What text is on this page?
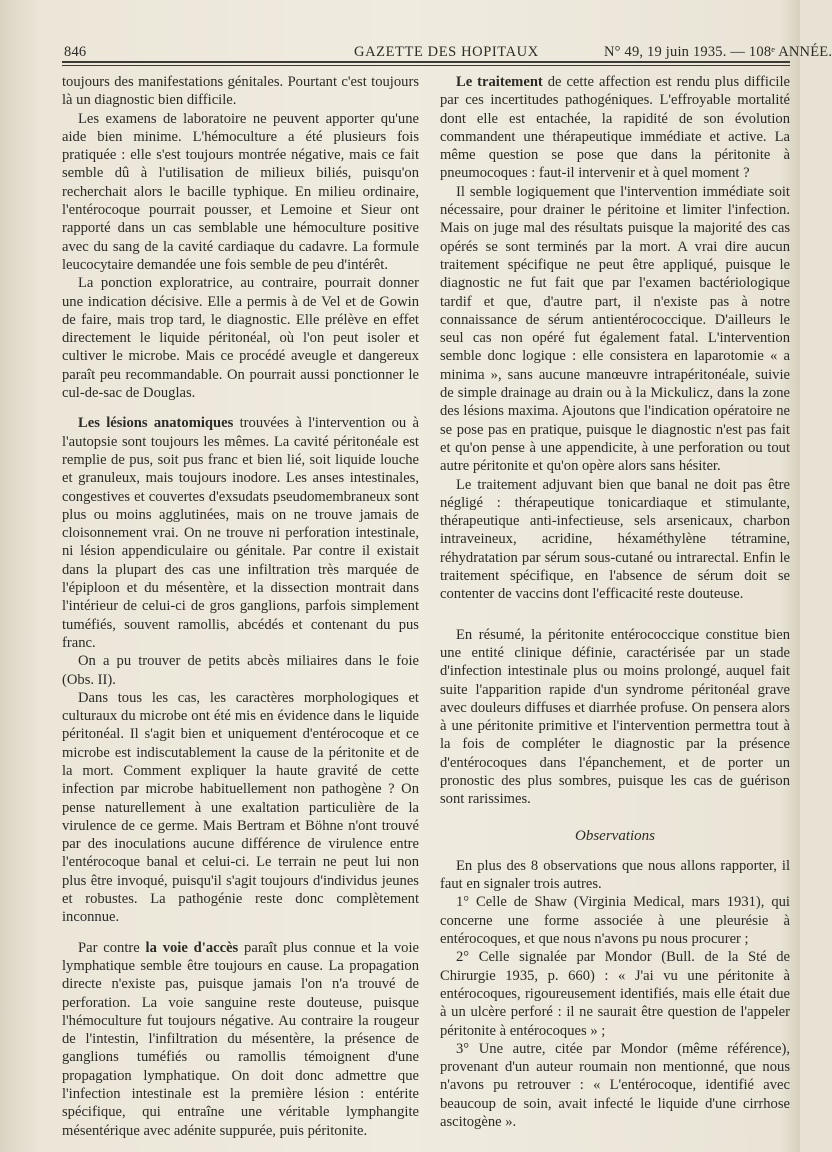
846	GAZETTE DES HOPITAUX	N° 49, 19 juin 1935. — 108ᵉ ANNÉE.

toujours des manifestations génitales. Pourtant c'est toujours là un diagnostic bien difficile.

Les examens de laboratoire ne peuvent apporter qu'une aide bien minime. L'hémoculture a été plusieurs fois pratiquée : elle s'est toujours montrée négative, mais ce fait semble dû à l'utilisation de milieux biliés, puisqu'on recherchait alors le bacille typhique. En milieu ordinaire, l'entérocoque pourrait pousser, et Lemoine et Sieur ont rapporté dans un cas semblable une hémoculture positive avec du sang de la cavité cardiaque du cadavre. La formule leucocytaire demandée une fois semble de peu d'intérêt.

La ponction exploratrice, au contraire, pourrait donner une indication décisive. Elle a permis à de Vel et de Gowin de faire, mais trop tard, le diagnostic. Elle prélève en effet directement le liquide péritonéal, où l'on peut isoler et cultiver le microbe. Mais ce procédé aveugle et dangereux paraît peu recommandable. On pourrait aussi ponctionner le cul-de-sac de Douglas.

Les lésions anatomiques trouvées à l'intervention ou à l'autopsie sont toujours les mêmes. La cavité péritonéale est remplie de pus, soit pus franc et bien lié, soit liquide louche et granuleux, mais toujours inodore. Les anses intestinales, congestives et couvertes d'exsudats pseudomembraneux sont plus ou moins agglutinées, mais on ne trouve jamais de cloisonnement vrai. On ne trouve ni perforation intestinale, ni lésion appendiculaire ou génitale. Par contre il existait dans la plupart des cas une infiltration très marquée de l'épiploon et du mésentère, et la dissection montrait dans l'intérieur de celui-ci de gros ganglions, parfois simplement tuméfiés, souvent ramollis, abcédés et contenant du pus franc.

On a pu trouver de petits abcès miliaires dans le foie (Obs. II).

Dans tous les cas, les caractères morphologiques et culturaux du microbe ont été mis en évidence dans le liquide péritonéal. Il s'agit bien et uniquement d'entérocoque et ce microbe est indiscutablement la cause de la péritonite et de la mort. Comment expliquer la haute gravité de cette infection par microbe habituellement non pathogène ? On pense naturellement à une exaltation particulière de la virulence de ce germe. Mais Bertram et Böhne n'ont trouvé par des inoculations aucune différence de virulence entre l'entérocoque banal et celui-ci. Le terrain ne peut lui non plus être invoqué, puisqu'il s'agit toujours d'individus jeunes et robustes. La pathogénie reste donc complètement inconnue.

Par contre la voie d'accès paraît plus connue et la voie lymphatique semble être toujours en cause. La propagation directe n'existe pas, puisque jamais l'on n'a trouvé de perforation. La voie sanguine reste douteuse, puisque l'hémoculture fut toujours négative. Au contraire la rougeur de l'intestin, l'infiltration du mésentère, la présence de ganglions tuméfiés ou ramollis témoignent d'une propagation lymphatique. On doit donc admettre que l'infection intestinale est la première lésion : entérite spécifique, qui entraîne une véritable lymphangite mésentérique avec adénite suppurée, puis péritonite.

Le traitement de cette affection est rendu plus difficile par ces incertitudes pathogéniques. L'effroyable mortalité dont elle est entachée, la rapidité de son évolution commandent une thérapeutique immédiate et active. La même question se pose que dans la péritonite à pneumocoques : faut-il intervenir et à quel moment ?

Il semble logiquement que l'intervention immédiate soit nécessaire, pour drainer le péritoine et limiter l'infection. Mais on juge mal des résultats puisque la majorité des cas opérés se sont terminés par la mort. A vrai dire aucun traitement spécifique ne peut être appliqué, puisque le diagnostic ne fut fait que par l'examen bactériologique tardif et que, d'autre part, il n'existe pas à notre connaissance de sérum antientérococcique. D'ailleurs le seul cas non opéré fut également fatal. L'intervention semble donc logique : elle consistera en laparotomie « a minima », sans aucune manœuvre intrapéritonéale, suivie de simple drainage au drain ou à la Mickulicz, dans la zone des lésions maxima. Ajoutons que l'indication opératoire ne se pose pas en pratique, puisque le diagnostic n'est pas fait et qu'on pense à une appendicite, à une perforation ou tout autre péritonite et qu'on opère alors sans hésiter.

Le traitement adjuvant bien que banal ne doit pas être négligé : thérapeutique tonicardiaque et stimulante, thérapeutique anti-infectieuse, sels arsenicaux, charbon intraveineux, acridine, héxaméthylène tétramine, réhydratation par sérum sous-cutané ou intrarectal. Enfin le traitement spécifique, en l'absence de sérum doit se contenter de vaccins dont l'efficacité reste douteuse.

En résumé, la péritonite entérococcique constitue bien une entité clinique définie, caractérisée par un stade d'infection intestinale plus ou moins prolongé, auquel fait suite l'apparition rapide d'un syndrome péritonéal grave avec douleurs diffuses et diarrhée profuse. On pensera alors à une péritonite primitive et l'intervention permettra tout à la fois de compléter le diagnostic par la présence d'entérocoques dans l'épanchement, et de porter un pronostic des plus sombres, puisque les cas de guérison sont rarissimes.

Observations

En plus des 8 observations que nous allons rapporter, il faut en signaler trois autres.

1° Celle de Shaw (Virginia Medical, mars 1931), qui concerne une forme associée à une pleurésie à entérocoques, et que nous n'avons pu nous procurer ;

2° Celle signalée par Mondor (Bull. de la Sté de Chirurgie 1935, p. 660) : « J'ai vu une péritonite à entérocoques, rigoureusement identifiés, mais elle était due à un ulcère perforé : il ne saurait être question de l'appeler péritonite à entérocoques » ;

3° Une autre, citée par Mondor (même référence), provenant d'un auteur roumain non mentionné, que nous n'avons pu retrouver : « L'entérocoque, identifié avec beaucoup de soin, avait infecté le liquide d'une cirrhose ascitogène ».
